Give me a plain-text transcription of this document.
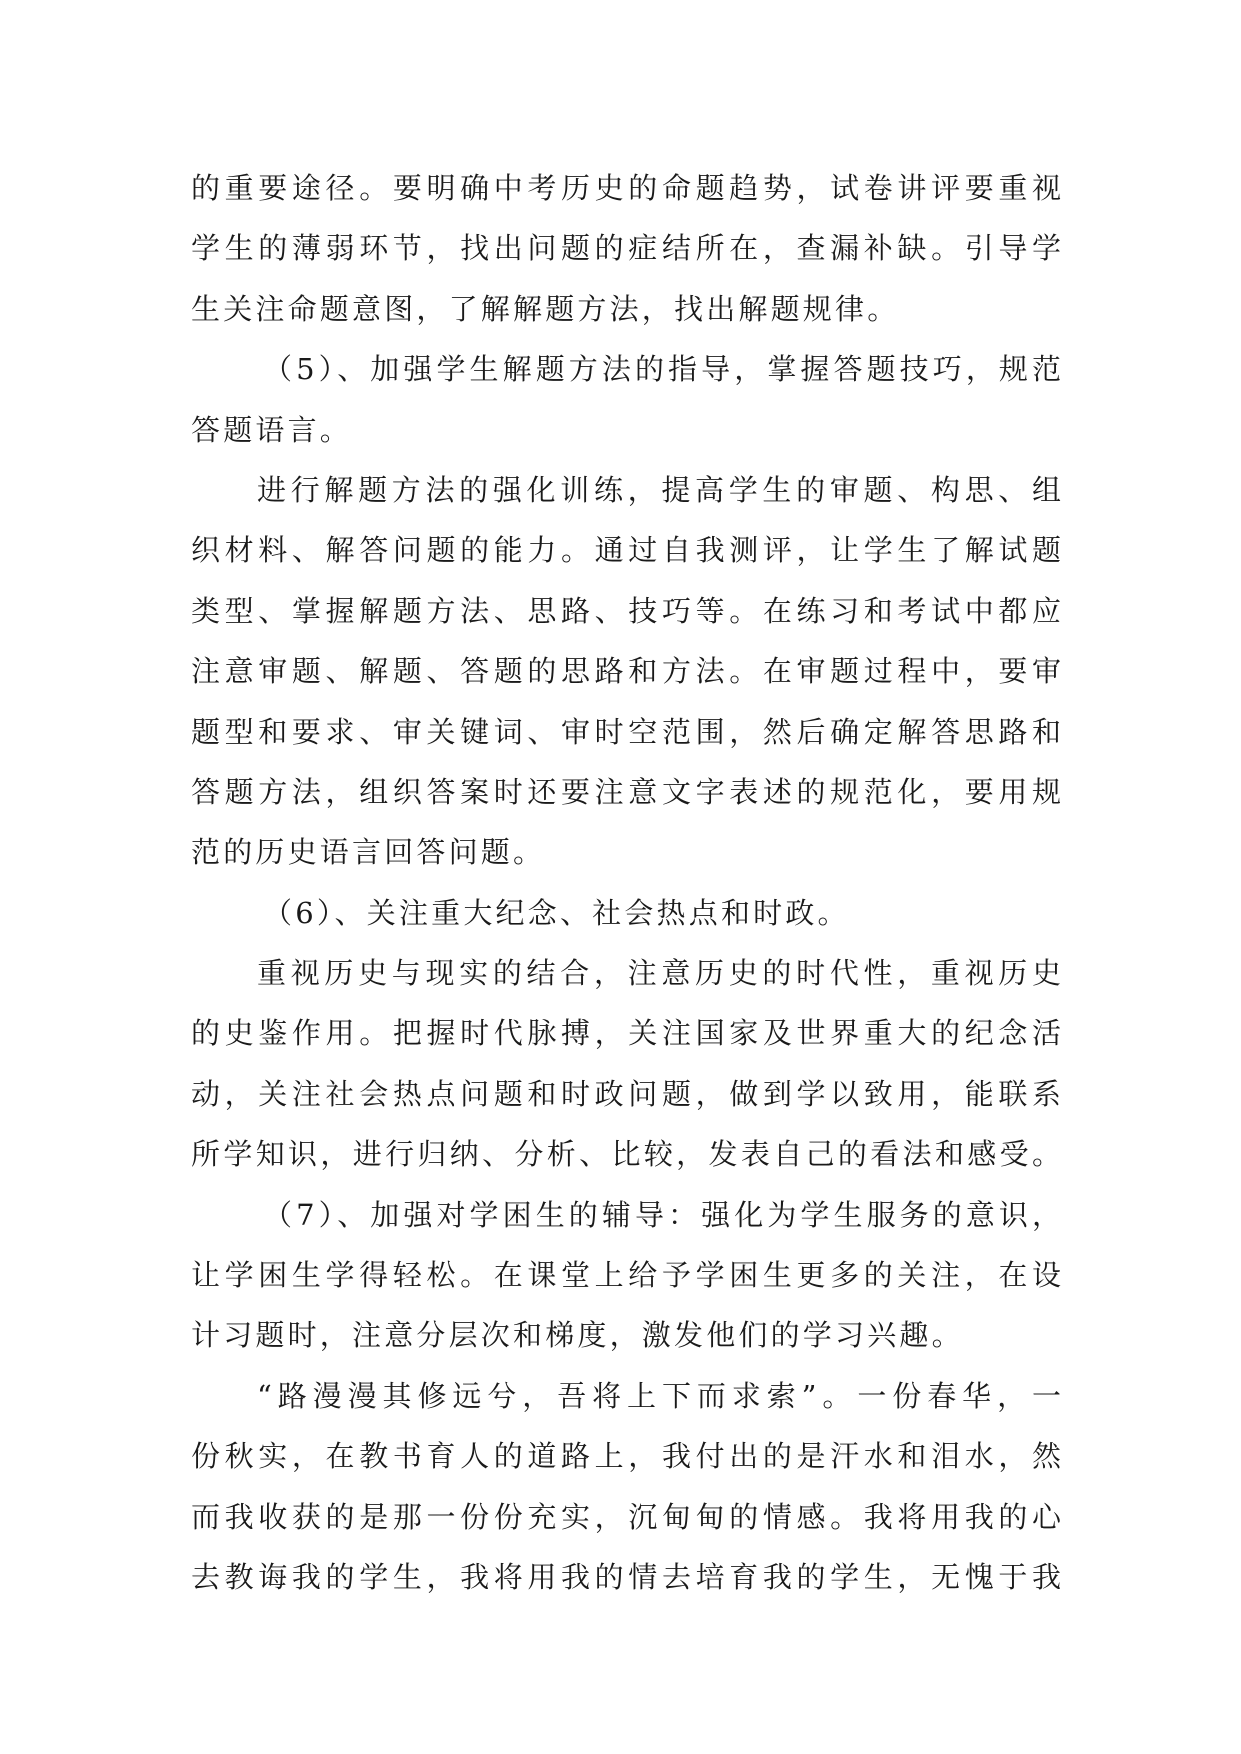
的重要途径。要明确中考历史的命题趋势，试卷讲评要重视
学生的薄弱环节，找出问题的症结所在，查漏补缺。引导学
生关注命题意图，了解解题方法，找出解题规律。
（5）、加强学生解题方法的指导，掌握答题技巧，规范
答题语言。
进行解题方法的强化训练，提高学生的审题、构思、组
织材料、解答问题的能力。通过自我测评，让学生了解试题
类型、掌握解题方法、思路、技巧等。在练习和考试中都应
注意审题、解题、答题的思路和方法。在审题过程中，要审
题型和要求、审关键词、审时空范围，然后确定解答思路和
答题方法，组织答案时还要注意文字表述的规范化，要用规
范的历史语言回答问题。
（6）、关注重大纪念、社会热点和时政。
重视历史与现实的结合，注意历史的时代性，重视历史
的史鉴作用。把握时代脉搏，关注国家及世界重大的纪念活
动，关注社会热点问题和时政问题，做到学以致用，能联系
所学知识，进行归纳、分析、比较，发表自己的看法和感受。
（7）、加强对学困生的辅导：强化为学生服务的意识，
让学困生学得轻松。在课堂上给予学困生更多的关注，在设
计习题时，注意分层次和梯度，激发他们的学习兴趣。
“路漫漫其修远兮，吾将上下而求索”。一份春华，一
份秋实，在教书育人的道路上，我付出的是汗水和泪水，然
而我收获的是那一份份充实，沉甸甸的情感。我将用我的心
去教诲我的学生，我将用我的情去培育我的学生，无愧于我
